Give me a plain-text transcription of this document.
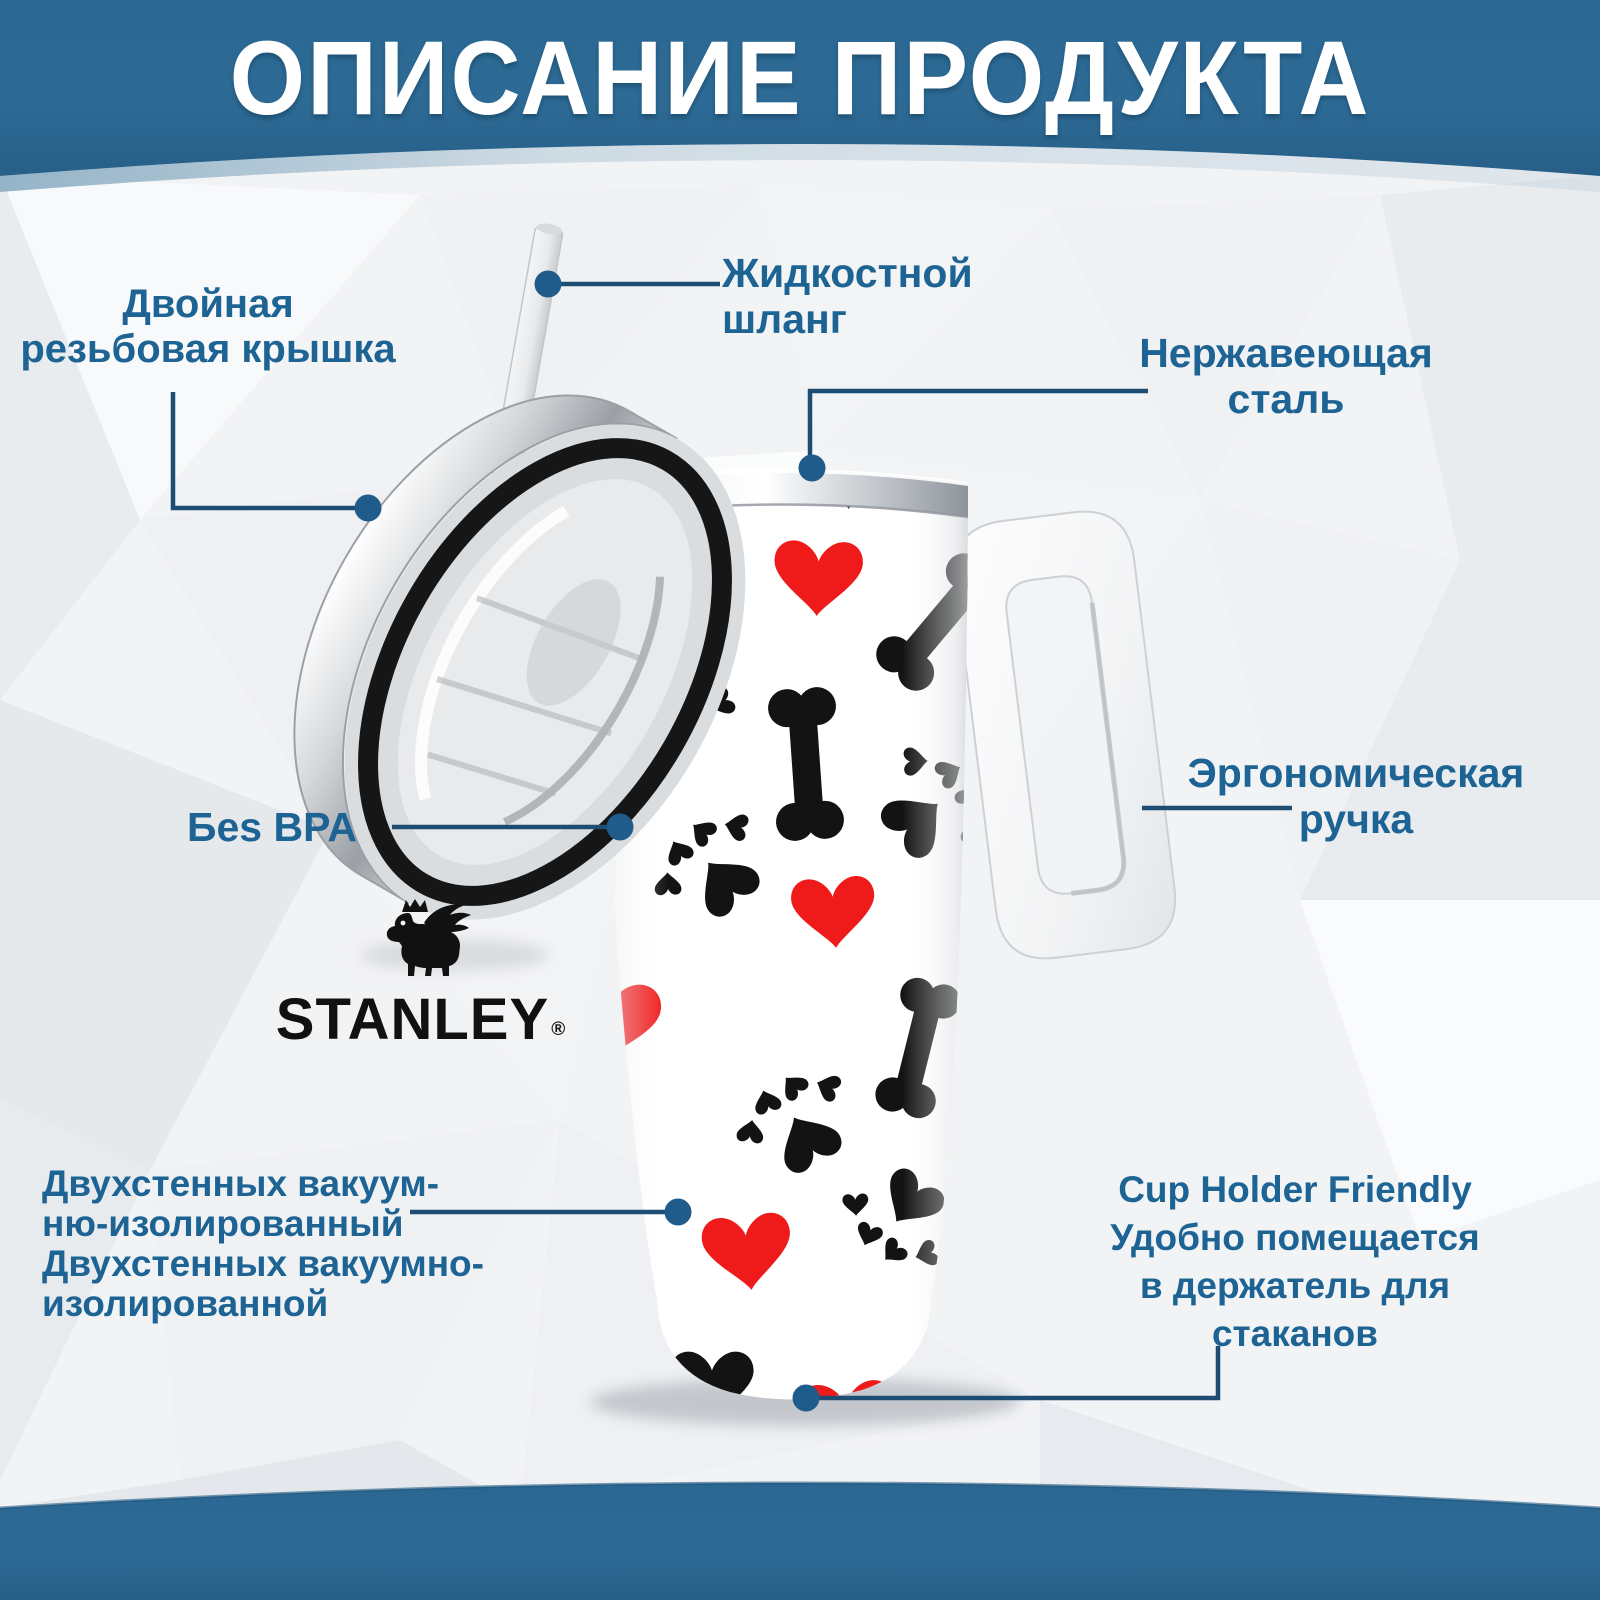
ОПИСАНИЕ ПРОДУКТА
Двойная
резьбовая крышка
Жидкостной
шланг
Нержавеющая
сталь
Бes BPA
Эргономическая
ручка
Двухстенных вакуум-
ню-изолированный
Двухстенных вакуумно-
изолированной
Cup Holder Friendly
Удобно помещается
в держатель для
стаканов
STANLEY ®
